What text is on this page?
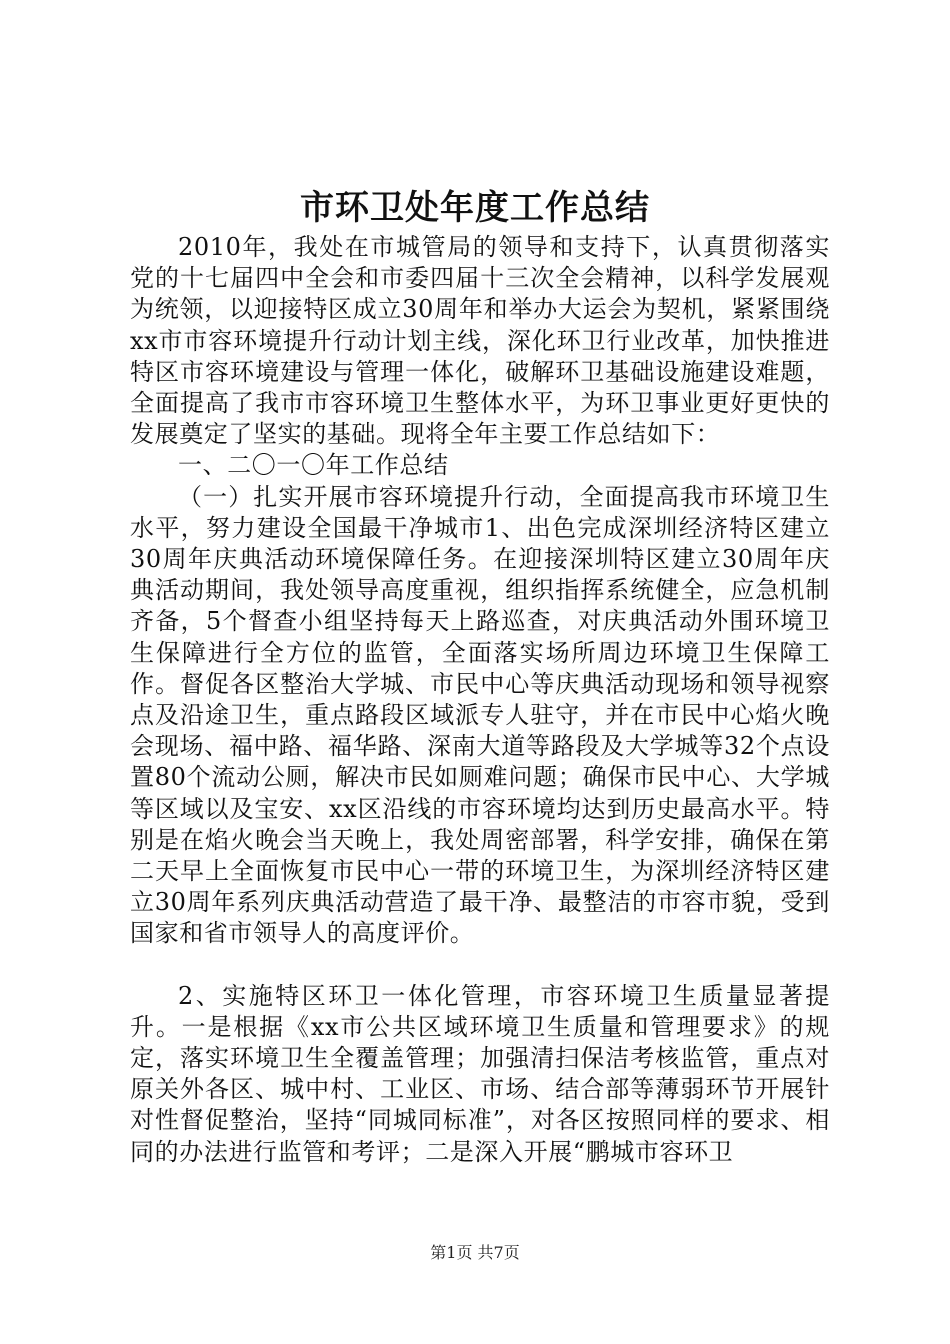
市环卫处年度工作总结

2010年，我处在市城管局的领导和支持下，认真贯彻落实党的十七届四中全会和市委四届十三次全会精神，以科学发展观为统领，以迎接特区成立30周年和举办大运会为契机，紧紧围绕xx市市容环境提升行动计划主线，深化环卫行业改革，加快推进特区市容环境建设与管理一体化，破解环卫基础设施建设难题，全面提高了我市市容环境卫生整体水平，为环卫事业更好更快的发展奠定了坚实的基础。现将全年主要工作总结如下：

一、二〇一〇年工作总结

（一）扎实开展市容环境提升行动，全面提高我市环境卫生水平，努力建设全国最干净城市1、出色完成深圳经济特区建立30周年庆典活动环境保障任务。在迎接深圳特区建立30周年庆典活动期间，我处领导高度重视，组织指挥系统健全，应急机制齐备，5个督查小组坚持每天上路巡查，对庆典活动外围环境卫生保障进行全方位的监管，全面落实场所周边环境卫生保障工作。督促各区整治大学城、市民中心等庆典活动现场和领导视察点及沿途卫生，重点路段区域派专人驻守，并在市民中心焰火晚会现场、福中路、福华路、深南大道等路段及大学城等32个点设置80个流动公厕，解决市民如厕难问题；确保市民中心、大学城等区域以及宝安、xx区沿线的市容环境均达到历史最高水平。特别是在焰火晚会当天晚上，我处周密部署，科学安排，确保在第二天早上全面恢复市民中心一带的环境卫生，为深圳经济特区建立30周年系列庆典活动营造了最干净、最整洁的市容市貌，受到国家和省市领导人的高度评价。

2、实施特区环卫一体化管理，市容环境卫生质量显著提升。一是根据《xx市公共区域环境卫生质量和管理要求》的规定，落实环境卫生全覆盖管理；加强清扫保洁考核监管，重点对原关外各区、城中村、工业区、市场、结合部等薄弱环节开展针对性督促整治，坚持“同城同标准”，对各区按照同样的要求、相同的办法进行监管和考评；二是深入开展“鹏城市容环卫

第1页 共7页
